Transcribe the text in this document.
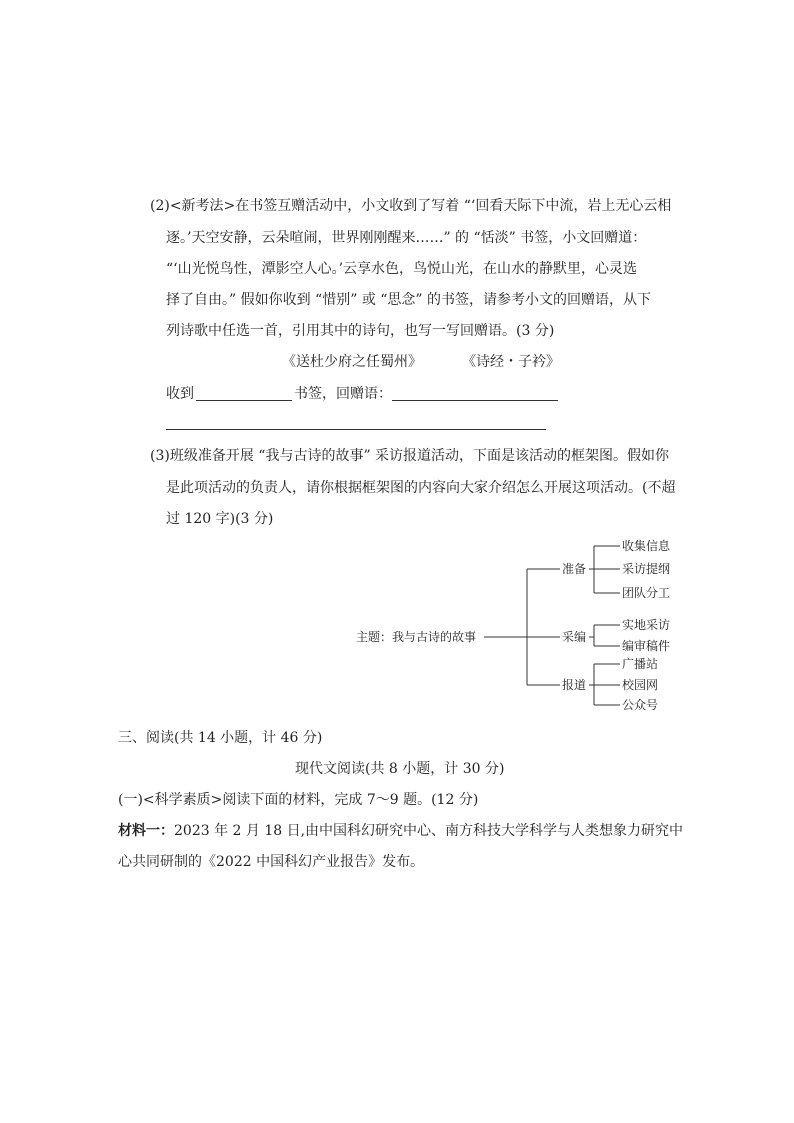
(2)<新考法>在书签互赠活动中，小文收到了写着 “‘回看天际下中流，岩上无心云相
逐。’天空安静，云朵喧闹，世界刚刚醒来……” 的 “恬淡” 书签，小文回赠道：
“‘山光悦鸟性，潭影空人心。’云享水色，鸟悦山光，在山水的静默里，心灵选
择了自由。” 假如你收到 “惜别” 或 “思念” 的书签，请参考小文的回赠语，从下
列诗歌中任选一首，引用其中的诗句，也写一写回赠语。(3 分)
《送杜少府之任蜀州》	《诗经・子衿》
收到	书签，回赠语：
(3)班级准备开展 “我与古诗的故事” 采访报道活动，下面是该活动的框架图。假如你
是此项活动的负责人，请你根据框架图的内容向大家介绍怎么开展这项活动。(不超
过 120 字)(3 分)
主题：我与古诗的故事
准备
采编
报道
收集信息
采访提纲
团队分工
实地采访
编审稿件
广播站
校园网
公众号
三、阅读(共 14 小题，计 46 分)
现代文阅读(共 8 小题，计 30 分)
(一)<科学素质>阅读下面的材料，完成 7～9 题。(12 分)
材料一：2023 年 2 月 18 日,由中国科幻研究中心、南方科技大学科学与人类想象力研究中
心共同研制的《2022 中国科幻产业报告》发布。
